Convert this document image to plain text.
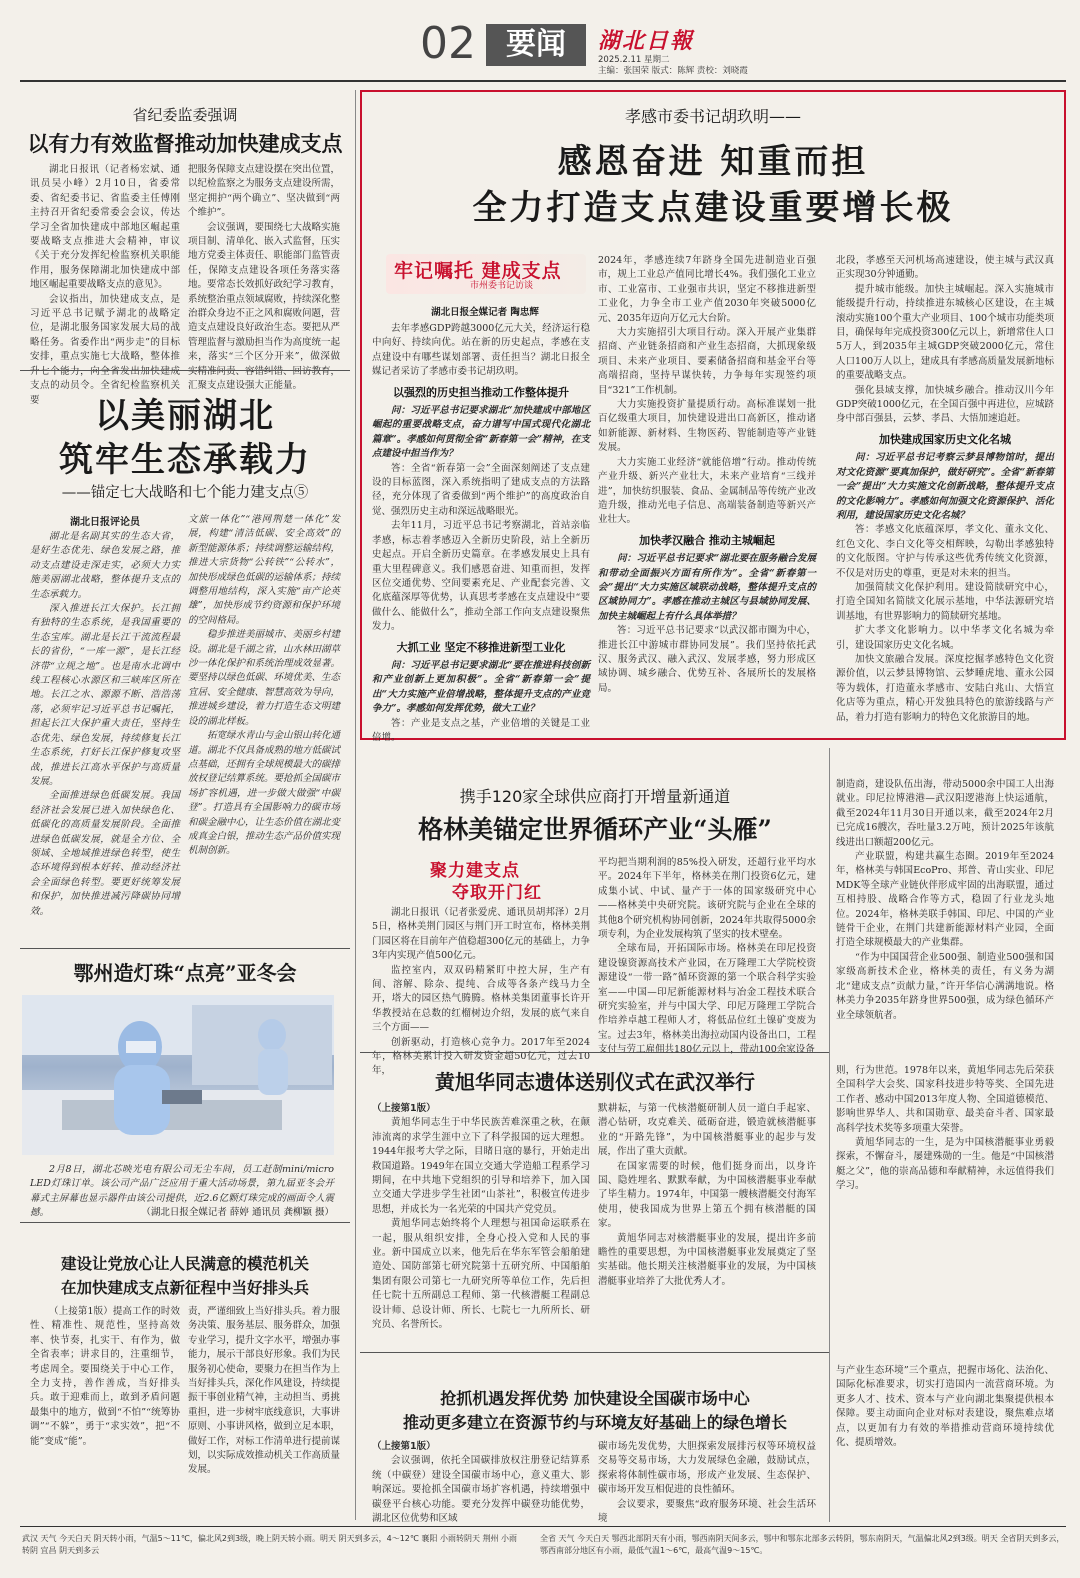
02	要闻	湖北日報
2025.2.11 星期二
主编：张国荣 版式：陈辉 责校：刘晓霞
省纪委监委强调
以有力有效监督推动加快建成支点

湖北日报讯（记者杨宏斌、通讯员吴小峰）2月10日，省委常委、省纪委书记、省监委主任傅刚主持召开省纪委常委会会议，传达学习全省加快建成中部地区崛起重要战略支点推进大会精神，审议《关于充分发挥纪检监察机关职能作用，服务保障湖北加快建成中部地区崛起重要战略支点的意见》。

会议指出，加快建成支点，是习近平总书记赋予湖北的战略定位，是湖北服务国家发展大局的战略任务。省委作出“两步走”的目标安排，重点实施七大战略，整体推升七个能力，向全省发出加快建成支点的动员令。全省纪检监察机关要

把服务保障支点建设摆在突出位置，以纪检监察之为服务支点建设所需，坚定拥护“两个确立”、坚决做到“两个维护”。

会议强调，要围绕七大战略实施项目制、清单化、嵌入式监督，压实地方党委主体责任、职能部门监管责任，保障支点建设各项任务落实落地。要常态长效抓好政纪学习教育，系统整治重点领域腐败，持续深化整治群众身边不正之风和腐败问题，营造支点建设良好政治生态。要把从严管理监督与激励担当作为高度统一起来，落实“三个区分开来”，做深做实精准问责、容错纠错、回访教育，汇聚支点建设强大正能量。

以美丽湖北
筑牢生态承载力
——锚定七大战略和七个能力建支点⑤
湖北日报评论员

湖北是名副其实的生态大省，是好生态优先、绿色发展之路，推动支点建设走深走实，必须大力实施美丽湖北战略，整体提升支点的生态承载力。

深入推进长江大保护。长江拥有独特的生态系统，是我国重要的生态宝库。湖北是长江干流流程最长的省份，“一库一源”，是长江经济带“立规之地”。也是南水北调中线工程核心水源区和三峡库区所在地。长江之水、源源不断、浩浩荡荡，必须牢记习近平总书记嘱托，担起长江大保护重大责任，坚持生态优先、绿色发展，持续修复长江生态系统，打好长江保护修复攻坚战，推进长江高水平保护与高质量发展。

全面推进绿色低碳发展。我国经济社会发展已进入加快绿色化、低碳化的高质量发展阶段。全面推进绿色低碳发展，就是全方位、全领域、全地域推进绿色转型，使生态环境得到根本好转、推动经济社会全面绿色转型。要更好统筹发展和保护，加快推进减污降碳协同增效。

文旅一体化”“港网荆楚一体化”发展，构建“清洁低碳、安全高效”的新型能源体系；持续调整运输结构，推进大宗货物“公转铁”“公转水”，加快形成绿色低碳的运输体系；持续调整用地结构，深入实施“亩产论英雄”，加快形成节约资源和保护环境的空间格局。

稳步推进美丽城市、美丽乡村建设。湖北是千湖之省，山水林田湖草沙一体化保护和系统治理成效显著。要坚持以绿色低碳、环境优美、生态宜居、安全健康、智慧高效为导向，推进城乡建设，着力打造生态文明建设的湖北样板。

拓宽绿水青山与金山银山转化通道。湖北不仅具备成熟的地方低碳试点基础，还拥有全球规模最大的碳排放权登记结算系统。要抢抓全国碳市场扩容机遇，进一步做大做强“中碳登”。打造具有全国影响力的碳市场和碳金融中心，让生态价值在湖北变成真金白银，推动生态产品价值实现机制创新。

鄂州造灯珠“点亮”亚冬会

2月8日，湖北芯映光电有限公司无尘车间，员工赶制mini/micro LED灯珠订单。该公司产品广泛应用于重大活动场景，第九届亚冬会开幕式主屏幕也显示器件由该公司提供，近2.6亿颗灯珠完成的画面令人震撼。	（湖北日报全媒记者 薛婷 通讯员 龚柳颖 摄）
建设让党放心让人民满意的模范机关
在加快建成支点新征程中当好排头兵

（上接第1版）提高工作的时效性、精准性、规范性，坚持高效率、快节奏，扎实干、有作为，做全省表率；讲求目的，注重细节，考虑周全。要围绕关于中心工作，全力支持，善作善成，当好排头兵。敢于迎难而上，敢到矛盾问题最集中的地方，做到“不怕”“统筹协调”“不躲”，勇于“求实效”，把“不能”变成“能”。

责，严谨细致上当好排头兵。着力服务决策、服务基层、服务群众，加强专业学习，提升文字水平，增强办事能力，展示干部良好形象。我们为民服务初心使命，要聚力在担当作为上当好排头兵，深化作风建设，持续提振干事创业精气神，主动担当、勇挑重担，进一步树牢底线意识，大事讲原则、小事讲风格，做到立足本职，做好工作，对标工作清单进行提前谋划，以实际成效推动机关工作高质量发展。

孝感市委书记胡玖明——
感恩奋进 知重而担
全力打造支点建设重要增长极
牢记嘱托 建成支点
市州委书记访谈
湖北日报全媒记者 陶忠辉

去年孝感GDP跨越3000亿元大关，经济运行稳中向好、持续向优。站在新的历史起点，孝感在支点建设中有哪些谋划部署、责任担当？湖北日报全媒记者采访了孝感市委书记胡玖明。

以强烈的历史担当推动工作整体提升

问：习近平总书记要求湖北“加快建成中部地区崛起的重要战略支点，奋力谱写中国式现代化湖北篇章”。孝感如何贯彻全省“新春第一会”精神，在支点建设中担当作为？

答：全省“新春第一会”全面深刻阐述了支点建设的目标蓝图，深入系统指明了建成支点的方法路径，充分体现了省委做到“两个维护”的高度政治自觉、强烈历史主动和深远战略眼光。

去年11月，习近平总书记考察湖北，首站亲临孝感，标志着孝感迈入全新历史阶段，站上全新历史起点。开启全新历史篇章。在孝感发展史上具有重大里程碑意义。我们感恩奋进、知重而担，发挥区位交通优势、空间要素充足、产业配套完善、文化底蕴深厚等优势，认真思考孝感在支点建设中“要做什么、能做什么”，推动全部工作向支点建设聚焦发力。

大抓工业 坚定不移推进新型工业化

问：习近平总书记要求湖北“要在推进科技创新和产业创新上更加积极”。全省“新春第一会”提出“大力实施产业倍增战略，整体提升支点的产业竞争力”。孝感如何发挥优势，做大工业？

答：产业是支点之基，产业倍增的关键是工业倍增。

2024年，孝感连续7年跻身全国先进制造业百强市，规上工业总产值同比增长4%。我们强化工业立市、工业富市、工业强市共识，坚定不移推进新型工业化，力争全市工业产值2030年突破5000亿元、2035年迈向万亿元大台阶。

大力实施招引大项目行动。深入开展产业集群招商、产业链条招商和产业生态招商，大抓现象级项目、未来产业项目、要素储备招商和基金平台等高端招商，坚持早谋快转，力争每年实现签约项目“321”工作机制。

大力实施投资扩量提质行动。高标准谋划一批百亿级重大项目，加快建设进出口高新区，推动诸如新能源、新材料、生物医药、智能制造等产业链发展。

大力实施工业经济“就能倍增”行动。推动传统产业升级、新兴产业壮大，未来产业培育“三线并进”，加快纺织服装、食品、金属制品等传统产业改造升级，推动光电子信息、高端装备制造等新兴产业壮大。

加快孝汉融合 推动主城崛起

问：习近平总书记要求“湖北要在服务融合发展和带动全面振兴方面有所作为”。全省“新春第一会”提出“大力实施区域联动战略，整体提升支点的区域协同力”。孝感在推动主城区与县域协同发展、加快主城崛起上有什么具体举措？

答：习近平总书记要求“以武汉都市圈为中心，推进长江中游城市群协同发展”。我们坚持依托武汉、服务武汉、融入武汉、发展孝感，努力形成区域协调、城乡融合、优势互补、各展所长的发展格局。

北段，孝感至天河机场高速建设，使主城与武汉真正实现30分钟通勤。

提升城市能级。加快主城崛起。深入实施城市能级提升行动，持续推进东城核心区建设，在主城滚动实施100个重大产业项目、100个城市功能类项目，确保每年完成投资300亿元以上，新增常住人口5万人，到2035年主城GDP突破2000亿元，常住人口100万人以上，建成具有孝感高质量发展新地标的重要战略支点。

强化县域支撑，加快城乡融合。推动汉川今年GDP突破1000亿元，在全国百强中再进位，应城跻身中部百强县，云梦、孝昌、大悟加速追赶。

加快建成国家历史文化名城

问：习近平总书记考察云梦县博物馆时，提出对文化资源“要真加保护，做好研究”。全省“新春第一会”提出“大力实施文化创新战略，整体提升支点的文化影响力”。孝感如何加强文化资源保护、活化利用，建设国家历史文化名城？

答：孝感文化底蕴深厚，孝文化、董永文化、红色文化、李白文化等交相辉映，勾勒出孝感独特的文化版图。守护与传承这些优秀传统文化资源，不仅是对历史的尊重，更是对未来的担当。

加强简牍文化保护利用。建设简牍研究中心，打造全国知名简牍文化展示基地，中华法源研究培训基地，有世界影响力的简牍研究基地。

扩大孝文化影响力。以中华孝文化名城为牵引，建设国家历史文化名城。

加快文旅融合发展。深度挖掘孝感特色文化资源价值，以云梦县博物馆、云梦睡虎地、董永公园等为载体，打造董永孝感市、安陆白兆山、大悟宣化店等为重点，精心开发独具特色的旅游线路与产品，着力打造有影响力的特色文化旅游目的地。

携手120家全球供应商打开增量新通道
格林美锚定世界循环产业“头雁”
聚力建支点
夺取开门红

湖北日报讯（记者张爱虎、通讯员胡邦泽）2月5日，格林美荆门园区与荆门开工时宣布，格林美荆门园区将在目前年产值稳超300亿元的基础上，力争3年内实现产值500亿元。

监控室内，双双码精紧盯中控大屏，生产有间、溶解、除杂、提纯、合成等各条产线马力全开，塔大的园区热气腾腾。格林美集团董事长许开华教授站在总数的红榴树边介绍，发展的底气来自三个方面——

创新驱动，打造核心竞争力。2017年至2024年，格林美累计投入研发资金超50亿元，过去10年，

平均把当期利润的85%投入研发，还超行业平均水平。2024年下半年，格林美在荆门投资6亿元，建成集小试、中试、量产于一体的国家级研究中心——格林美中央研究院。该研究院与企业在全球的其他8个研究机构协同创新，2024年共取得5000余项专利，为企业发展构筑了坚实的技术壁垒。

全球布局，开拓国际市场。格林美在印尼投资建设镍资源高技术产业园，在万隆理工大学院校资源建设“一带一路”循环资源的第一个联合科学实验室——中国—印尼新能源材料与冶金工程技术联合研究实验室，并与中国大学、印尼万隆理工学院合作培养卓越工程师人才，将低品位红土镍矿变废为宝。过去3年，格林美出海拉动国内设备出口，工程支付与劳工雇佣共180亿元以上，带动100余家设备

制造商，建设队伍出海，带动5000余中国工人出海就业。印尼拉博港港—武汉阳逻港海上快运通航，截至2024年11月30日开通以来，截至2024年2月已完成16艘次，吞吐量3.2万吨，预计2025年该航线进出口额超200亿元。

产业联盟，构建共赢生态圈。2019年至2024年，格林美与韩国EcoPro、邦普、青山实业、印尼MDK等全球产业链伙伴形成牢固的出海联盟，通过互相持股、战略合作等方式，稳固了行业龙头地位。2024年，格林美联手韩国、印尼、中国的产业链骨干企业，在荆门共建新能源材料产业园，全面打造全球规模最大的产业集群。

“作为中国国营企业500强、制造业500强和国家级高新技术企业，格林美的责任，有义务为湖北“建成支点”贡献力量，”许开华信心满满地说。格林美力争2035年跻身世界500强，成为绿色循环产业全球领航者。

黄旭华同志遗体送别仪式在武汉举行

（上接第1版）

黄旭华同志生于中华民族苦难深重之秋，在颠沛流离的求学生涯中立下了科学报国的远大理想。1944年报考大学之际，目睹日寇的暴行，开始走出救国道路。1949年在国立交通大学造船工程系学习期间，在中共地下党组织的引导和培养下，加入国立交通大学进步学生社团“山茶社”，积极宣传进步思想，并成长为一名光荣的中国共产党党员。

黄旭华同志始终将个人理想与祖国命运联系在一起，服从组织安排，全身心投入党和人民的事业。新中国成立以来，他先后在华东军管会船舶建造处、国防部第七研究院第十五研究所、中国船舶集团有限公司第七一九研究所等单位工作，先后担任七院十五所副总工程师、第一代核潜艇工程副总设计师、总设计师、所长、七院七一九所所长、研究员、名誉所长。

默耕耘，与第一代核潜艇研制人员一道白手起家、潜心钻研，攻克难关、砥砺奋进，锻造就核潜艇事业的“开路先锋”，为中国核潜艇事业的起步与发展，作出了重大贡献。

在国家需要的时候，他们挺身而出，以身许国、隐姓埋名、默默奉献，为中国核潜艇事业奉献了毕生精力。1974年，中国第一艘核潜艇交付海军使用，使我国成为世界上第五个拥有核潜艇的国家。

黄旭华同志对核潜艇事业的发展，提出许多前瞻性的重要思想，为中国核潜艇事业发展奠定了坚实基础。他长期关注核潜艇事业的发展，为中国核潜艇事业培养了大批优秀人才。

则，行为世范。1978年以来，黄旭华同志先后荣获全国科学大会奖、国家科技进步特等奖、全国先进工作者、感动中国2013年度人物、全国道德模范、影响世界华人、共和国勋章、最美奋斗者、国家最高科学技术奖等多项重大荣誉。

黄旭华同志的一生，是为中国核潜艇事业勇毅探索，不懈奋斗，屡建殊勋的一生。他是“中国核潜艇之父”，他的崇高品德和奉献精神，永远值得我们学习。

抢抓机遇发挥优势 加快建设全国碳市场中心
推动更多建立在资源节约与环境友好基础上的绿色增长

（上接第1版）

会议强调，依托全国碳排放权注册登记结算系统（中碳登）建设全国碳市场中心，意义重大、影响深远。要抢抓全国碳市场扩容机遇，持续增强中碳登平台核心功能。要充分发挥中碳登功能优势，湖北区位优势和区域

碳市场先发优势，大胆探索发展排污权等环境权益交易等交易市场，大力发展绿色金融，鼓励试点，探索将体制性碳市场，形成产业发展、生态保护、碳市场开发互相促进的良性循环。

会议要求，要聚焦“政府服务环境、社会生活环境

与产业生态环境”三个重点，把握市场化、法治化、国际化标准要求，切实打造国内一流营商环境。为更多人才、技术、资本与产业向湖北集聚提供根本保障。要主动面向企业对标对表建设，聚焦难点堵点，以更加有力有效的举措推动营商环境持续优化、提质增效。

武汉 天气 今天白天 阴天转小雨，气温5～11℃，偏北风2到3级，晚上阴天转小雨。明天 阴天到多云，4～12℃ 襄阳 小雨转阴天 荆州 小雨转阴 宜昌 阴天到多云
全省 天气 今天白天 鄂西北部阴天有小雨，鄂西南阴天间多云，鄂中和鄂东北部多云转阴，鄂东南阴天，气温偏北风2到3级。明天 全省阴天到多云，鄂西南部分地区有小雨，最低气温1～6℃，最高气温9～15℃。
